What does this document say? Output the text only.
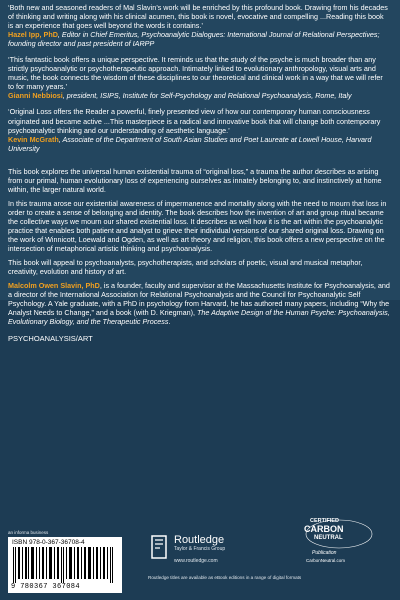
‘Both new and seasoned readers of Mal Slavin’s work will be enriched by this profound book. Drawing from his decades of thinking and writing along with his clinical acumen, this book is novel, evocative and compelling ...Reading this book is an experience that goes well beyond the words it contains.’

Hazel Ipp, PhD, Editor in Chief Emeritus, Psychoanalytic Dialogues: International Journal of Relational Perspectives; founding director and past president of IARPP

‘This fantastic book offers a unique perspective. It reminds us that the study of the psyche is much broader than any strictly psychoanalytic or psychotherapeutic approach. Intimately linked to evolutionary anthropology, visual arts and music, the book connects the wisdom of these disciplines to our theoretical and clinical work in a way that we will refer to for many years.’

Gianni Nebbiosi, president, ISIPS, Institute for Self-Psychology and Relational Psychoanalysis, Rome, Italy

‘Original Loss offers the Reader a powerful, finely presented view of how our contemporary human consciousness originated and became active ...This masterpiece is a radical and innovative book that will change both contemporary psychoanalytic thinking and our understanding of aesthetic language.’

Kevin McGrath, Associate of the Department of South Asian Studies and Poet Laureate at Lowell House, Harvard University

This book explores the universal human existential trauma of “original loss,” a trauma the author describes as arising from our primal, human evolutionary loss of experiencing ourselves as innately belonging to, and instinctively at home within, the larger natural world.

In this trauma arose our existential awareness of impermanence and mortality along with the need to mourn that loss in order to create a sense of belonging and identity. The book describes how the invention of art and group ritual became the collective ways we mourn our shared existential loss. It describes as well how it is the art within the psychoanalytic practice that enables both patient and analyst to grieve their individual versions of our shared original loss. Drawing on the work of Winnicott, Loewald and Ogden, as well as art theory and religion, this book offers a new perspective on the intersection of metaphorical artistic thinking and psychoanalysis.

This book will appeal to psychoanalysts, psychotherapists, and scholars of poetic, visual and musical metaphor, creativity, evolution and history of art.

Malcolm Owen Slavin, PhD, is a founder, faculty and supervisor at the Massachusetts Institute for Psychoanalysis, and a director of the International Association for Relational Psychoanalysis and the Council for Psychoanalytic Self Psychology. A Yale graduate, with a PhD in psychology from Harvard, he has authored many papers, including “Why the Analyst Needs to Change,” and a book (with D. Kriegman), The Adaptive Design of the Human Psyche: Psychoanalysis, Evolutionary Biology, and the Therapeutic Process.

PSYCHOANALYSIS/ART

an informa business
ISBN 978-0-367-36708-4
9 780367 367084
Routledge
Taylor & Francis Group
www.routledge.com
CERTIFIED
CARBON
NEUTRAL
Publication
CarbonNeutral.com
Routledge titles are available as eBook editions in a range of digital formats
